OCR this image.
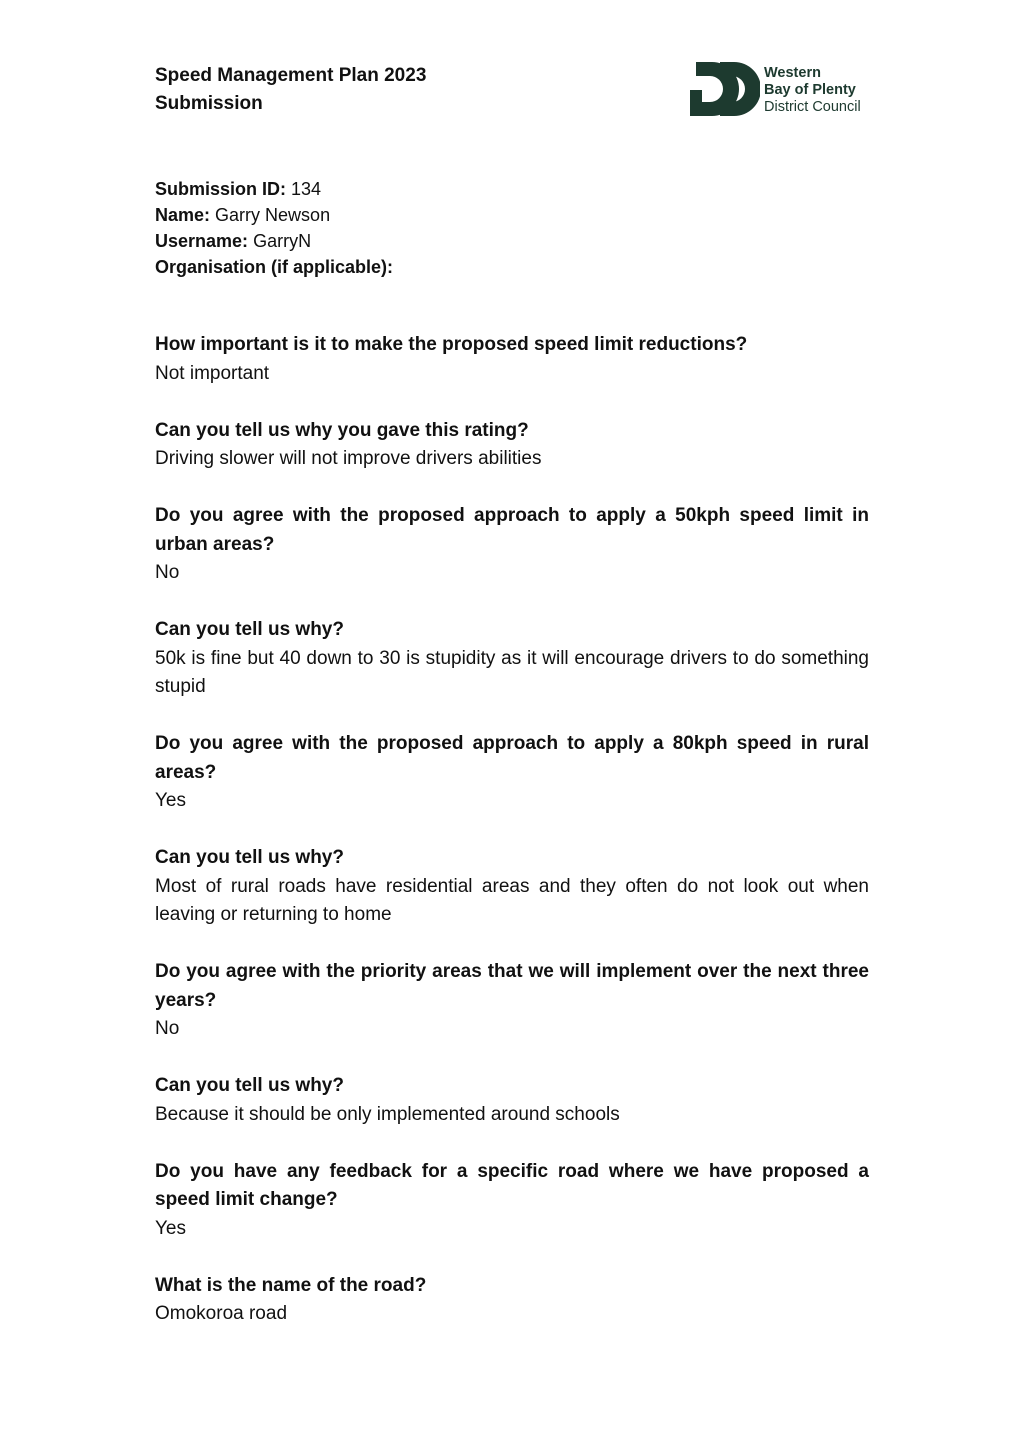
Speed Management Plan 2023
Submission
Western
Bay of Plenty
District Council
Submission ID: 134
Name: Garry Newson
Username: GarryN
Organisation (if applicable):
How important is it to make the proposed speed limit reductions?
Not important
Can you tell us why you gave this rating?
Driving slower will not improve drivers abilities
Do you agree with the proposed approach to apply a 50kph speed limit in urban areas?
No
Can you tell us why?
50k is fine but 40 down to 30 is stupidity as it will encourage drivers to do something stupid
Do you agree with the proposed approach to apply a 80kph speed in rural areas?
Yes
Can you tell us why?
Most of rural roads have residential areas and they often do not look out when leaving or returning to home
Do you agree with the priority areas that we will implement over the next three years?
No
Can you tell us why?
Because it should be only implemented around schools
Do you have any feedback for a specific road where we have proposed a speed limit change?
Yes
What is the name of the road?
Omokoroa road
